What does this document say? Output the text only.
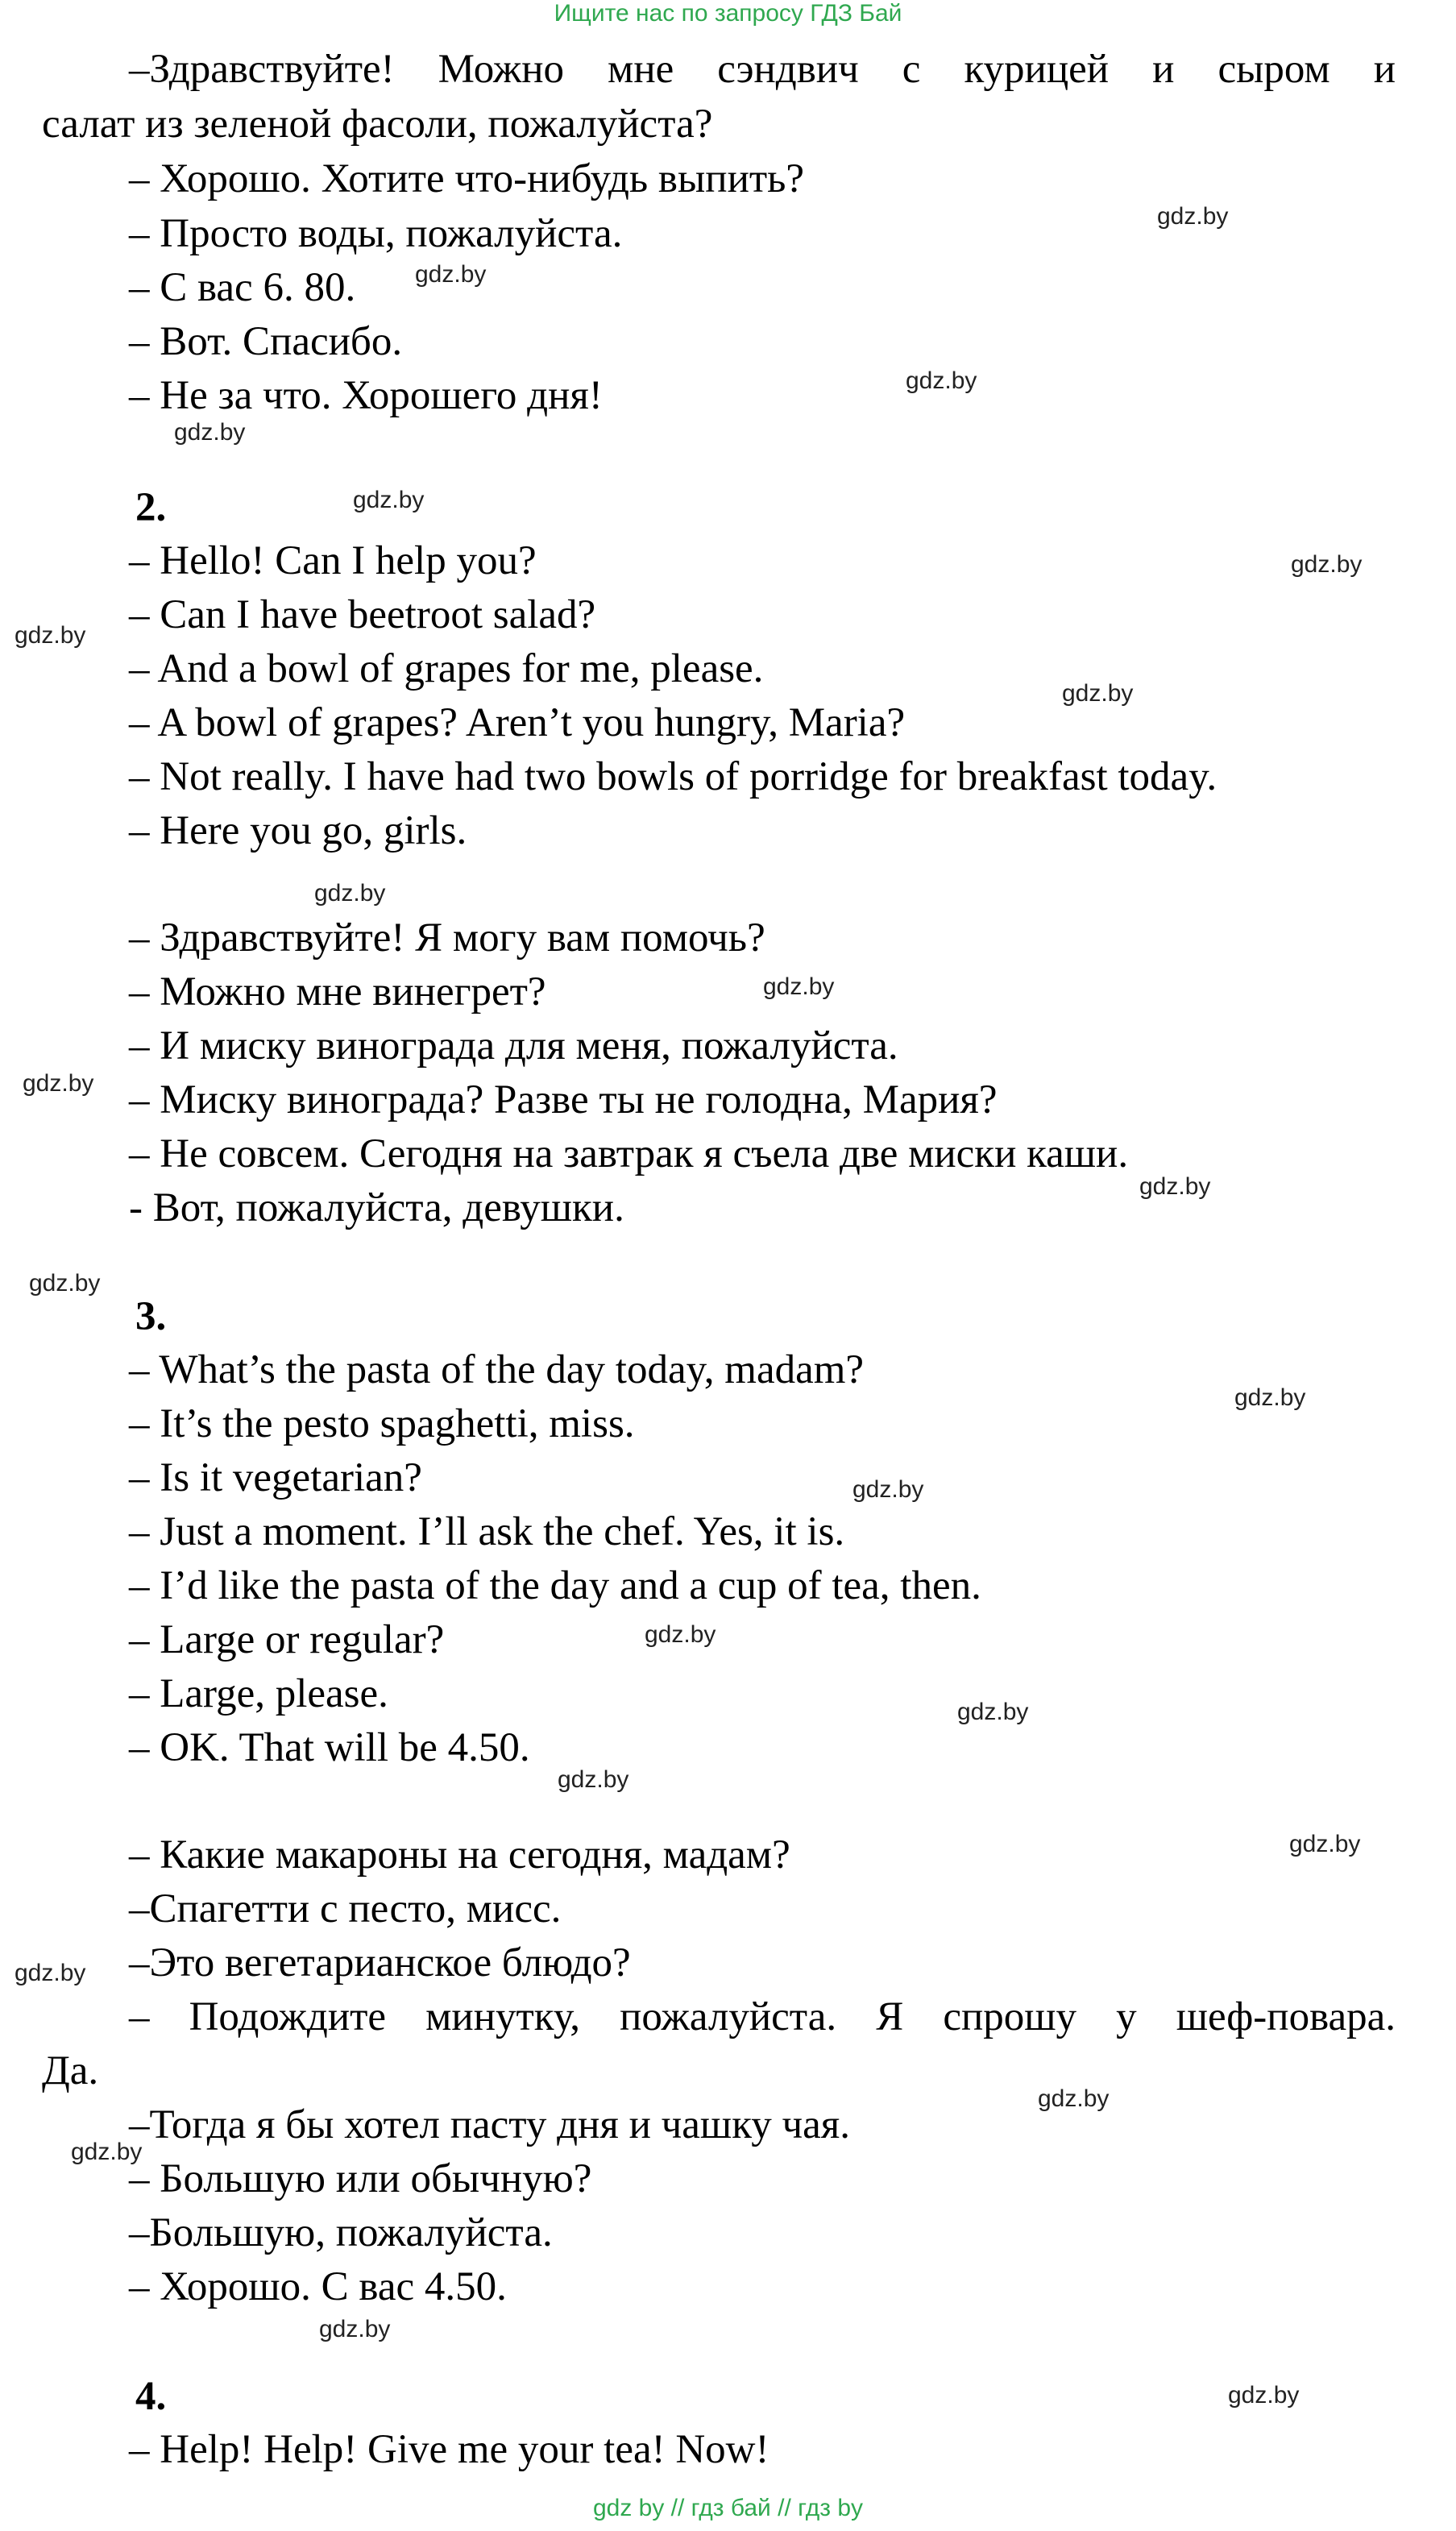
Ищите нас по запросу ГДЗ Бай
–Здравствуйте! Можно мне сэндвич с курицей и сыром и
салат из зеленой фасоли, пожалуйста?
– Хорошо. Хотите что-нибудь выпить?
– Просто воды, пожалуйста.
– С вас 6. 80.
– Вот. Спасибо.
– Не за что. Хорошего дня!
2.
– Hello! Can I help you?
– Can I have beetroot salad?
– And a bowl of grapes for me, please.
– A bowl of grapes? Aren’t you hungry, Maria?
– Not really. I have had two bowls of porridge for breakfast today.
– Here you go, girls.
– Здравствуйте! Я могу вам помочь?
– Можно мне винегрет?
– И миску винограда для меня, пожалуйста.
– Миску винограда? Разве ты не голодна, Мария?
– Не совсем. Сегодня на завтрак я съела две миски каши.
- Вот, пожалуйста, девушки.
3.
– What’s the pasta of the day today, madam?
– It’s the pesto spaghetti, miss.
– Is it vegetarian?
– Just a moment. I’ll ask the chef. Yes, it is.
– I’d like the pasta of the day and a cup of tea, then.
– Large or regular?
– Large, please.
– OK. That will be 4.50.
– Какие макароны на сегодня, мадам?
–Спагетти с песто, мисс.
–Это вегетарианское блюдо?
– Подождите минутку, пожалуйста. Я спрошу у шеф-повара.
Да.
–Тогда я бы хотел пасту дня и чашку чая.
– Большую или обычную?
–Большую, пожалуйста.
– Хорошо. С вас 4.50.
4.
– Help! Help! Give me your tea! Now!
gdz.by
gdz.by
gdz.by
gdz.by
gdz.by
gdz.by
gdz.by
gdz.by
gdz.by
gdz.by
gdz.by
gdz.by
gdz.by
gdz.by
gdz.by
gdz.by
gdz.by
gdz.by
gdz.by
gdz.by
gdz.by
gdz.by
gdz.by
gdz.by
gdz by // гдз бай // гдз by
